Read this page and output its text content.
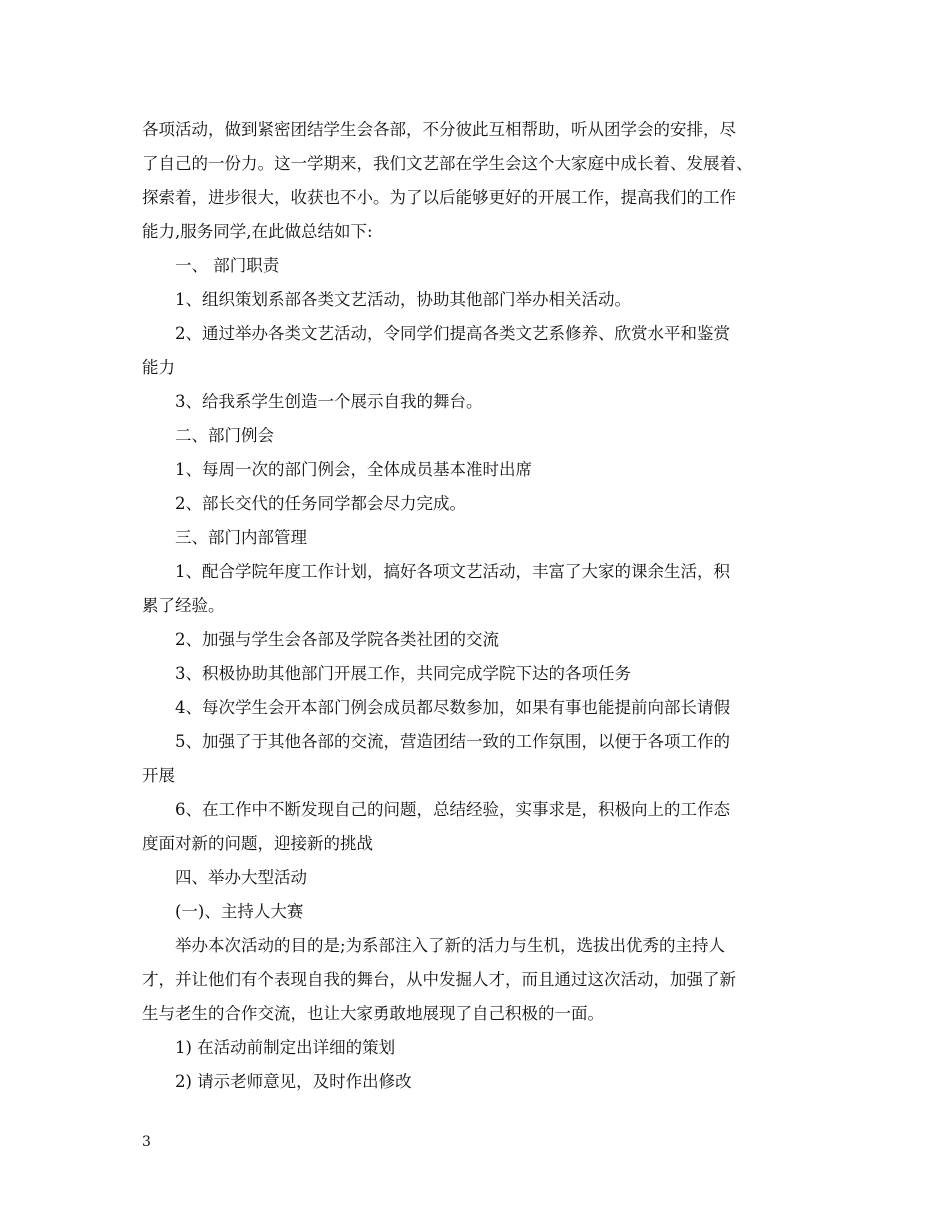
各项活动，做到紧密团结学生会各部，不分彼此互相帮助，听从团学会的安排，尽
了自己的一份力。这一学期来，我们文艺部在学生会这个大家庭中成长着、发展着、
探索着，进步很大，收获也不小。为了以后能够更好的开展工作，提高我们的工作
能力,服务同学,在此做总结如下:
一、 部门职责
1、组织策划系部各类文艺活动，协助其他部门举办相关活动。
2、通过举办各类文艺活动，令同学们提高各类文艺系修养、欣赏水平和鉴赏
能力
3、给我系学生创造一个展示自我的舞台。
二、部门例会
1、每周一次的部门例会，全体成员基本准时出席
2、部长交代的任务同学都会尽力完成。
三、部门内部管理
1、配合学院年度工作计划，搞好各项文艺活动，丰富了大家的课余生活，积
累了经验。
2、加强与学生会各部及学院各类社团的交流
3、积极协助其他部门开展工作，共同完成学院下达的各项任务
4、每次学生会开本部门例会成员都尽数参加，如果有事也能提前向部长请假
5、加强了于其他各部的交流，营造团结一致的工作氛围，以便于各项工作的
开展
6、在工作中不断发现自己的问题，总结经验，实事求是，积极向上的工作态
度面对新的问题，迎接新的挑战
四、举办大型活动
(一)、主持人大赛
举办本次活动的目的是;为系部注入了新的活力与生机，选拔出优秀的主持人
才，并让他们有个表现自我的舞台，从中发掘人才，而且通过这次活动，加强了新
生与老生的合作交流，也让大家勇敢地展现了自己积极的一面。
1) 在活动前制定出详细的策划
2) 请示老师意见，及时作出修改
3
